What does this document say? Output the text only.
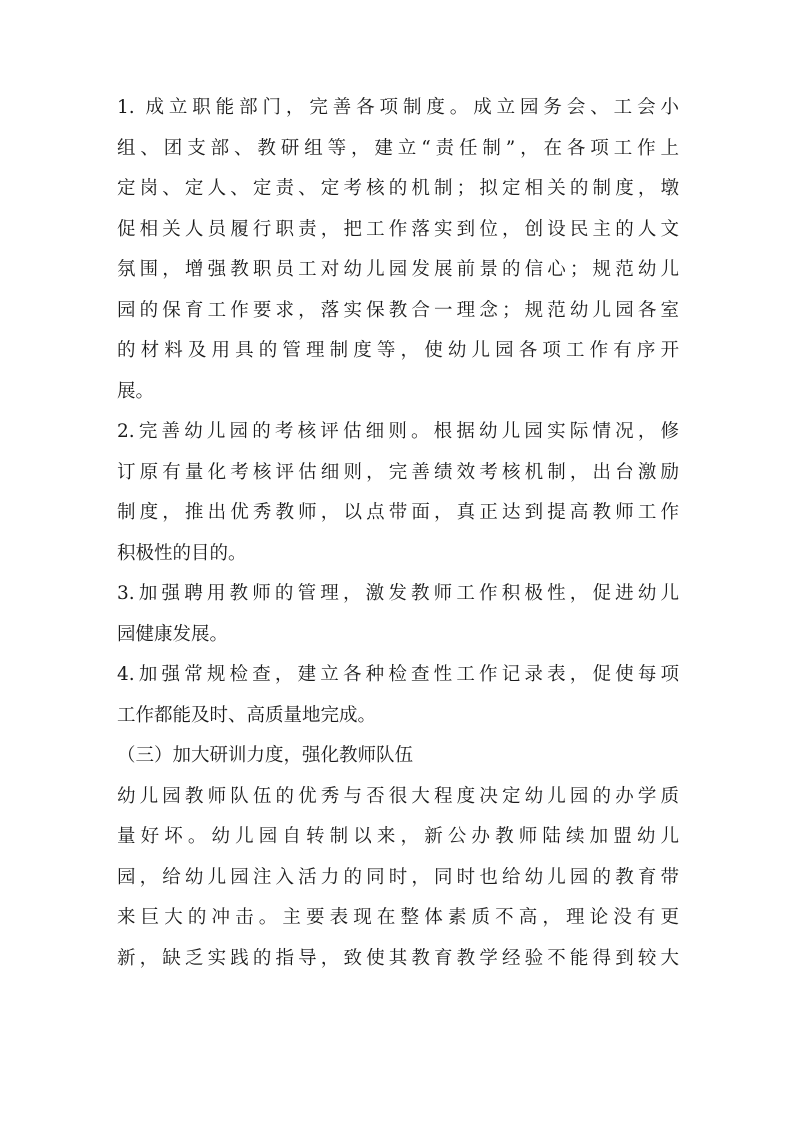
1. 成立职能部门，完善各项制度。成立园务会、工会小
组、团支部、教研组等，建立“责任制”，在各项工作上
定岗、定人、定责、定考核的机制；拟定相关的制度，墩
促相关人员履行职责，把工作落实到位，创设民主的人文
氛围，增强教职员工对幼儿园发展前景的信心；规范幼儿
园的保育工作要求，落实保教合一理念；规范幼儿园各室
的材料及用具的管理制度等，使幼儿园各项工作有序开
展。
2.完善幼儿园的考核评估细则。根据幼儿园实际情况，修
订原有量化考核评估细则，完善绩效考核机制，出台激励
制度，推出优秀教师，以点带面，真正达到提高教师工作
积极性的目的。
3.加强聘用教师的管理，激发教师工作积极性，促进幼儿
园健康发展。
4.加强常规检查，建立各种检查性工作记录表，促使每项
工作都能及时、高质量地完成。
（三）加大研训力度，强化教师队伍
幼儿园教师队伍的优秀与否很大程度决定幼儿园的办学质
量好坏。幼儿园自转制以来，新公办教师陆续加盟幼儿
园，给幼儿园注入活力的同时，同时也给幼儿园的教育带
来巨大的冲击。主要表现在整体素质不高，理论没有更
新，缺乏实践的指导，致使其教育教学经验不能得到较大
